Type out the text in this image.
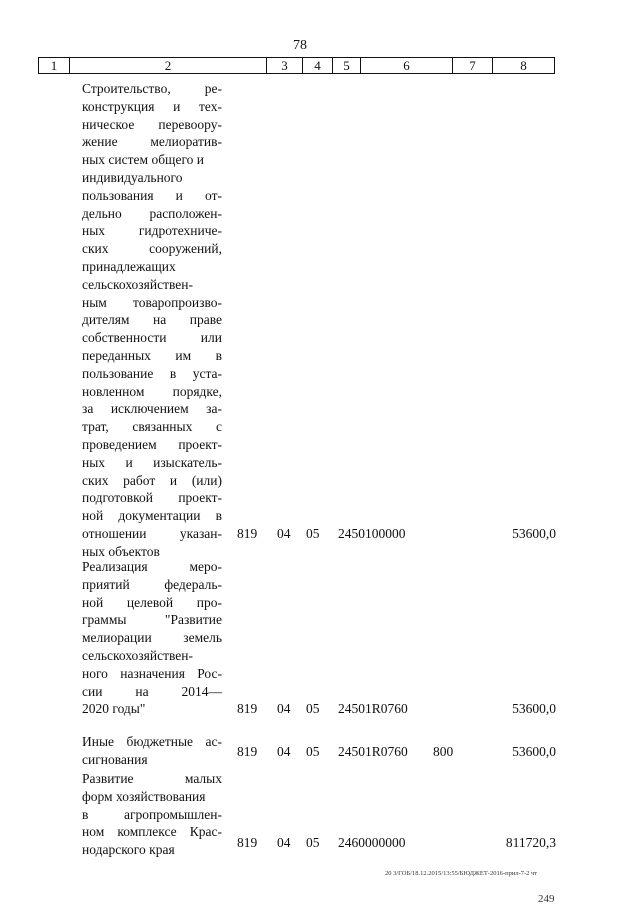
78
1	2	3	4	5	6	7	8
Строительство, ре-
конструкция и тех-
ническое перевоору-
жение мелиоратив-
ных систем общего и
индивидуального
пользования и от-
дельно расположен-
ных гидротехниче-
ских сооружений,
принадлежащих
сельскохозяйствен-
ным товаропроизво-
дителям на праве
собственности или
переданных им в
пользование в уста-
новленном порядке,
за исключением за-
трат, связанных с
проведением проект-
ных и изыскатель-
ских работ и (или)
подготовкой проект-
ной документации в
отношении указан-
ных объектов
819 04 05 2450100000	53600,0
Реализация меро-
приятий федераль-
ной целевой про-
граммы "Развитие
мелиорации земель
сельскохозяйствен-
ного назначения Рос-
сии на 2014—
2020 годы"	819 04 05 24501R0760	53600,0
Иные бюджетные ас-
сигнования
819 04 05 24501R0760 800	53600,0
Развитие малых
форм хозяйствования
в агропромышлен-
ном комплексе Крас-
нодарского края	819 04 05 2460000000	811720,3
20 3/ГОБ/18.12.2015/13:55/БЮДЖЕТ-2016-прил-7-2 чт
249
